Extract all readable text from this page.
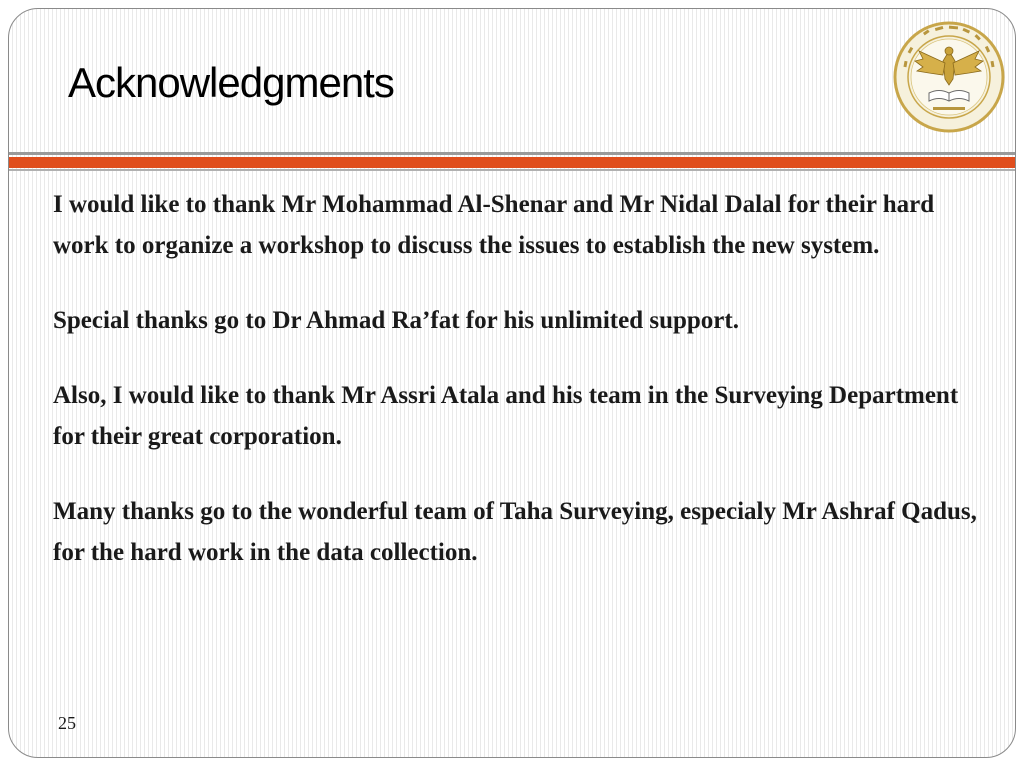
Acknowledgments

I would like to thank Mr Mohammad Al-Shenar and Mr Nidal Dalal for their hard work to organize a workshop to discuss the issues to establish the new system.

Special thanks go to Dr Ahmad Ra’fat for his unlimited support.

Also, I would like to thank Mr Assri Atala and his team in the Surveying Department for their great corporation.

Many thanks go to the wonderful team of Taha Surveying, especialy Mr Ashraf Qadus, for the hard work in the data collection.

25
